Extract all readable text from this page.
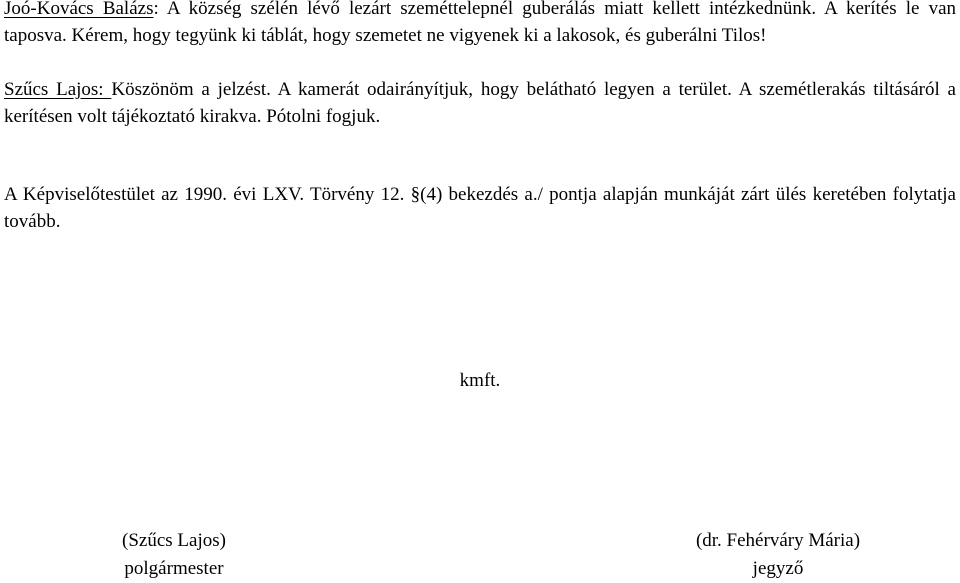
Joó-Kovács Balázs: A község szélén lévő lezárt szeméttelepnél guberálás miatt kellett intézkednünk. A kerítés le van taposva. Kérem, hogy tegyünk ki táblát, hogy szemetet ne vigyenek ki a lakosok, és guberálni Tilos!

Szűcs Lajos: Köszönöm a jelzést. A kamerát odairányítjuk, hogy belátható legyen a terület. A szemétlerakás tiltásáról a kerítésen volt tájékoztató kirakva. Pótolni fogjuk.

A Képviselőtestület az 1990. évi LXV. Törvény 12. §(4) bekezdés a./ pontja alapján munkáját zárt ülés keretében folytatja tovább.

kmft.

(Szűcs Lajos)
polgármester
(dr. Fehérváry Mária)
jegyző
